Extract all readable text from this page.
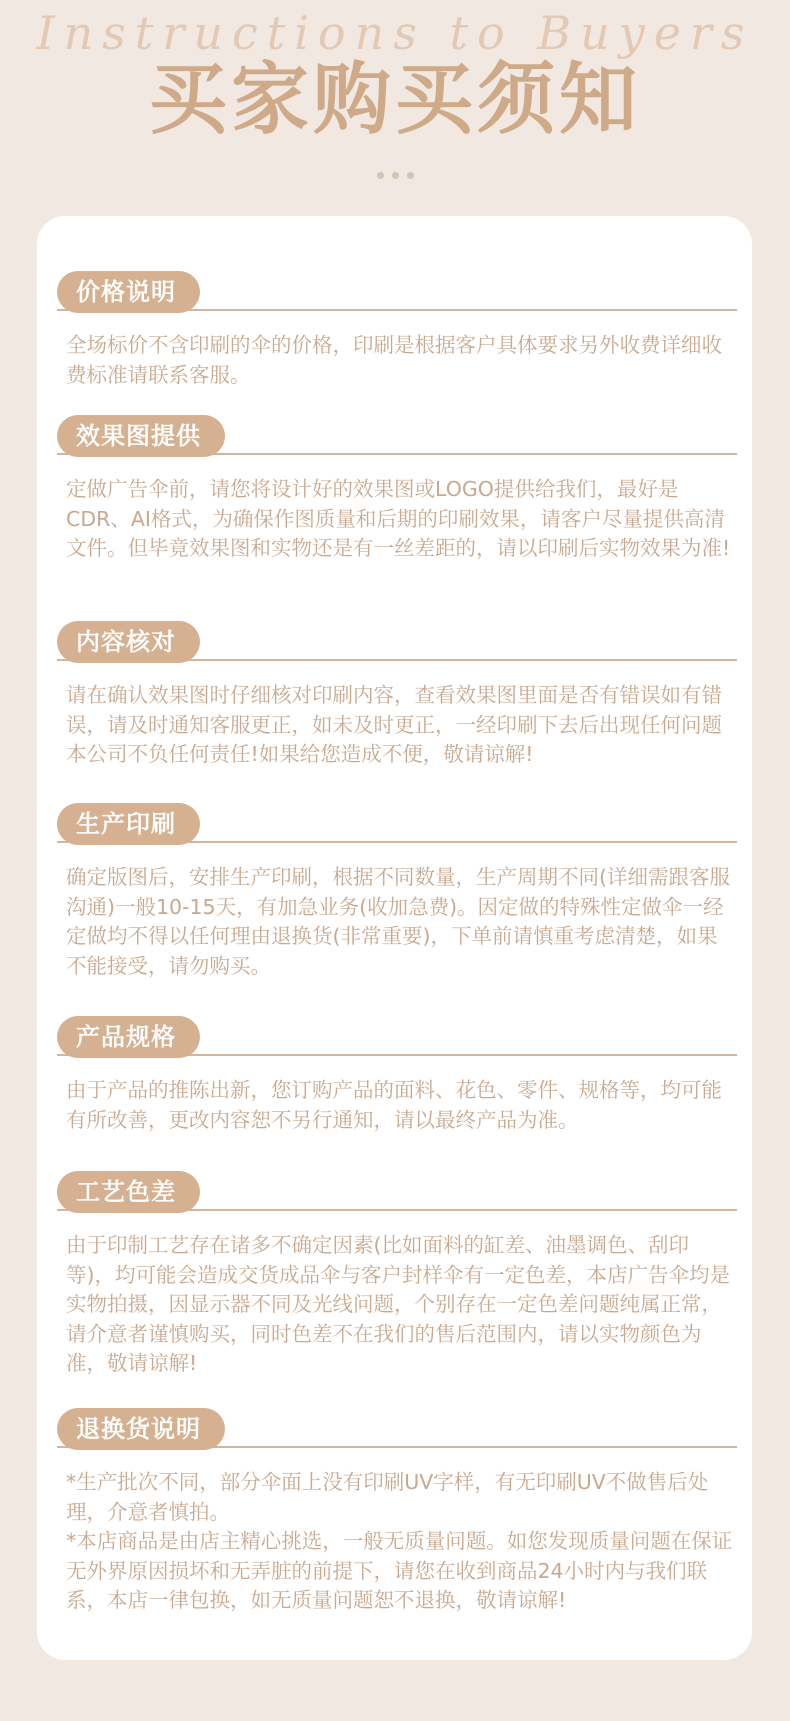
Instructions to Buyers
买家购买须知
价格说明

全场标价不含印刷的伞的价格，印刷是根据客户具体要求另外收费详细收费标准请联系客服。

效果图提供

定做广告伞前，请您将设计好的效果图或LOGO提供给我们，最好是CDR、AI格式，为确保作图质量和后期的印刷效果，请客户尽量提供高清文件。但毕竟效果图和实物还是有一丝差距的，请以印刷后实物效果为准!

内容核对

请在确认效果图时仔细核对印刷内容，查看效果图里面是否有错误如有错误，请及时通知客服更正，如未及时更正，一经印刷下去后出现任何问题本公司不负任何责任!如果给您造成不便，敬请谅解!

生产印刷

确定版图后，安排生产印刷，根据不同数量，生产周期不同(详细需跟客服沟通)一般10-15天，有加急业务(收加急费)。因定做的特殊性定做伞一经定做均不得以任何理由退换货(非常重要)，下单前请慎重考虑清楚，如果不能接受，请勿购买。

产品规格

由于产品的推陈出新，您订购产品的面料、花色、零件、规格等，均可能有所改善，更改内容恕不另行通知，请以最终产品为准。

工艺色差

由于印制工艺存在诸多不确定因素(比如面料的缸差、油墨调色、刮印等)，均可能会造成交货成品伞与客户封样伞有一定色差，本店广告伞均是实物拍摄，因显示器不同及光线问题，个别存在一定色差问题纯属正常，请介意者谨慎购买，同时色差不在我们的售后范围内，请以实物颜色为准，敬请谅解!

退换货说明

*生产批次不同，部分伞面上没有印刷UV字样，有无印刷UV不做售后处理，介意者慎拍。

*本店商品是由店主精心挑选，一般无质量问题。如您发现质量问题在保证无外界原因损坏和无弄脏的前提下，请您在收到商品24小时内与我们联系，本店一律包换，如无质量问题恕不退换，敬请谅解!
